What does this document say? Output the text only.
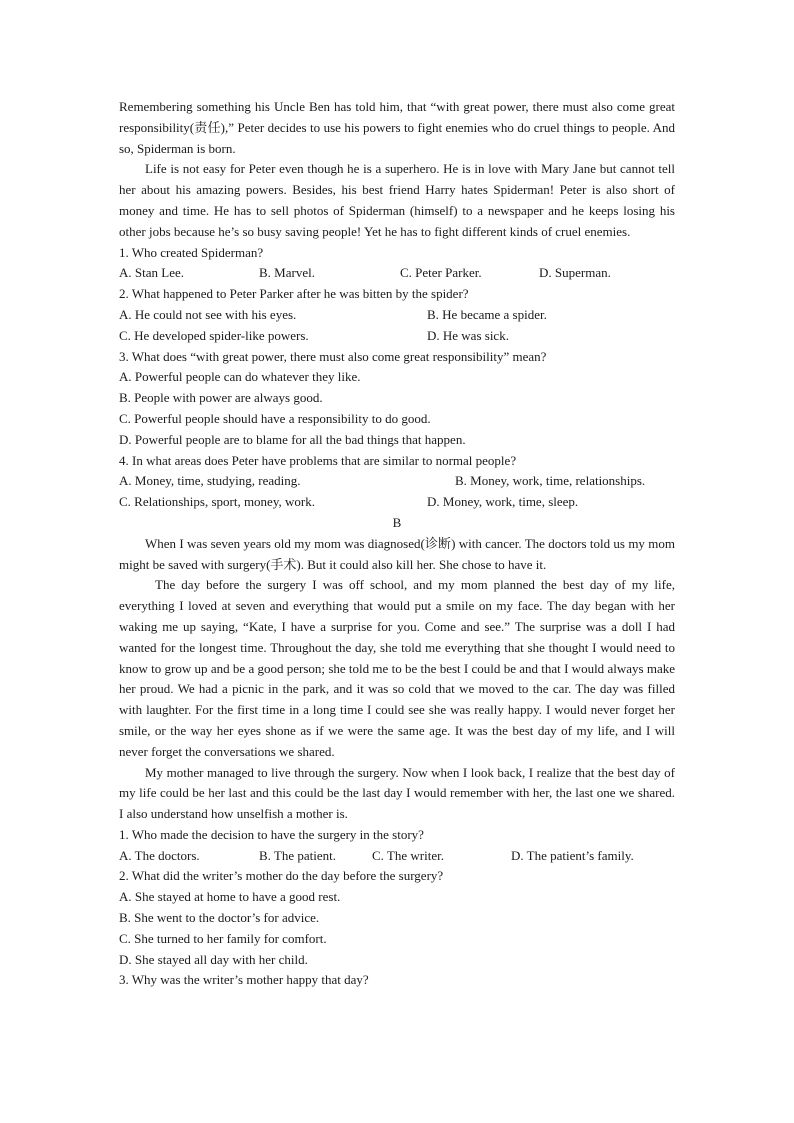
Remembering something his Uncle Ben has told him, that “with great power, there must also come great responsibility(责任),” Peter decides to use his powers to fight enemies who do cruel things to people. And so, Spiderman is born.
Life is not easy for Peter even though he is a superhero. He is in love with Mary Jane but cannot tell her about his amazing powers. Besides, his best friend Harry hates Spiderman! Peter is also short of money and time. He has to sell photos of Spiderman (himself) to a newspaper and he keeps losing his other jobs because he’s so busy saving people! Yet he has to fight different kinds of cruel enemies.
1. Who created Spiderman?
A. Stan Lee.	B. Marvel.	C. Peter Parker.	D. Superman.
2. What happened to Peter Parker after he was bitten by the spider?
A. He could not see with his eyes.	B. He became a spider.
C. He developed spider-like powers.	D. He was sick.
3. What does “with great power, there must also come great responsibility” mean?
A. Powerful people can do whatever they like.
B. People with power are always good.
C. Powerful people should have a responsibility to do good.
D. Powerful people are to blame for all the bad things that happen.
4. In what areas does Peter have problems that are similar to normal people?
A. Money, time, studying, reading.	B. Money, work, time, relationships.
C. Relationships, sport, money, work.	D. Money, work, time, sleep.
B
When I was seven years old my mom was diagnosed(诊断) with cancer. The doctors told us my mom might be saved with surgery(手术). But it could also kill her. She chose to have it.
The day before the surgery I was off school, and my mom planned the best day of my life, everything I loved at seven and everything that would put a smile on my face. The day began with her waking me up saying, “Kate, I have a surprise for you. Come and see.” The surprise was a doll I had wanted for the longest time. Throughout the day, she told me everything that she thought I would need to know to grow up and be a good person; she told me to be the best I could be and that I would always make her proud. We had a picnic in the park, and it was so cold that we moved to the car. The day was filled with laughter. For the first time in a long time I could see she was really happy. I would never forget her smile, or the way her eyes shone as if we were the same age. It was the best day of my life, and I will never forget the conversations we shared.
My mother managed to live through the surgery. Now when I look back, I realize that the best day of my life could be her last and this could be the last day I would remember with her, the last one we shared. I also understand how unselfish a mother is.
1. Who made the decision to have the surgery in the story?
A. The doctors.	B. The patient.	C. The writer.	D. The patient’s family.
2. What did the writer’s mother do the day before the surgery?
A. She stayed at home to have a good rest.
B. She went to the doctor’s for advice.
C. She turned to her family for comfort.
D. She stayed all day with her child.
3. Why was the writer’s mother happy that day?
